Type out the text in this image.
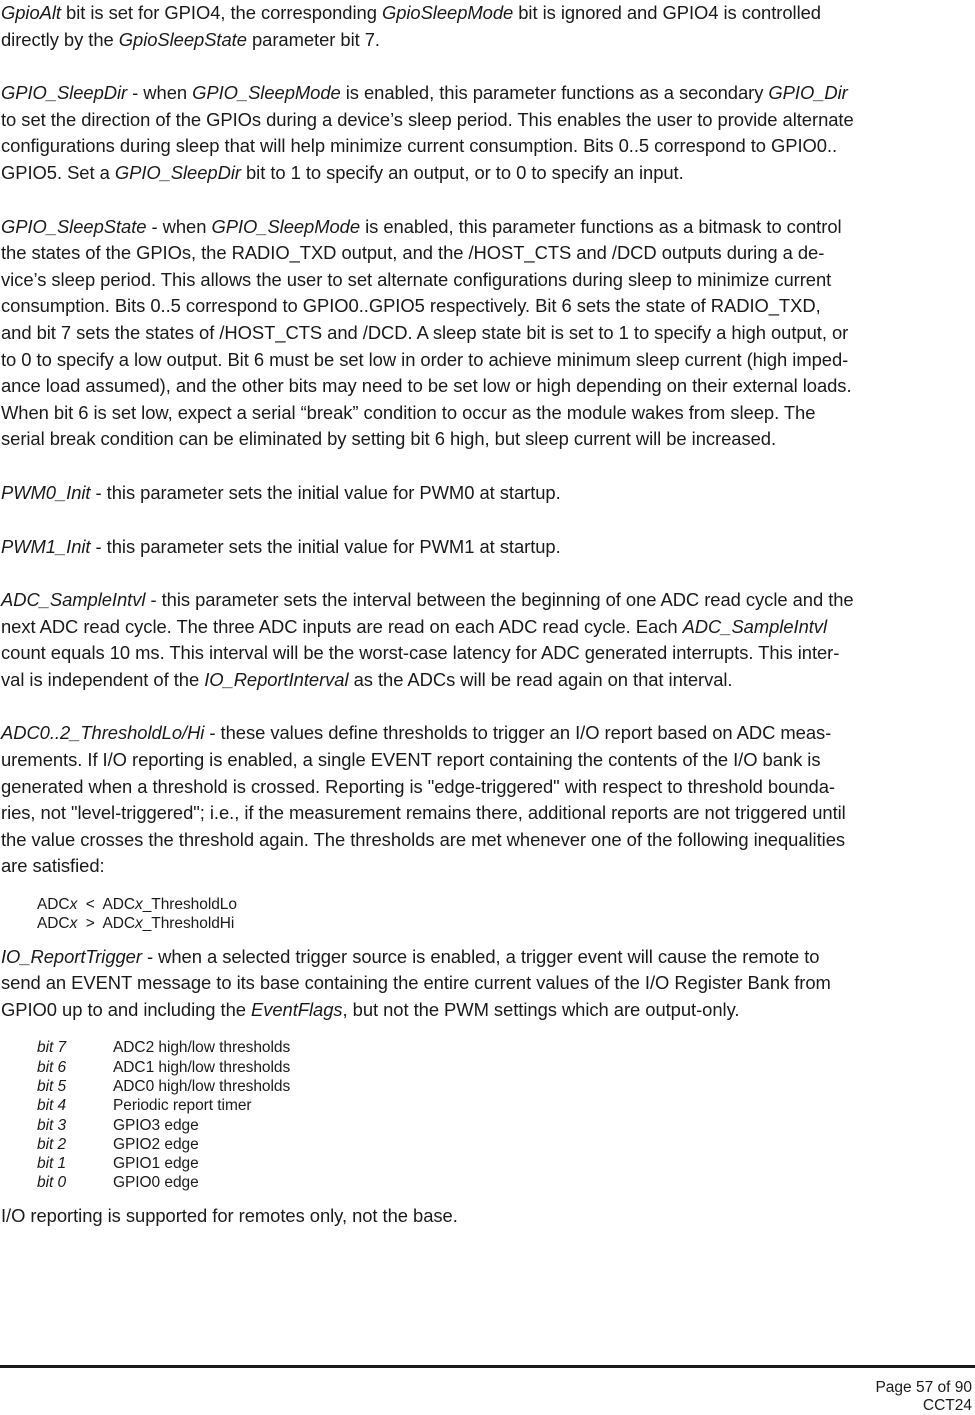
GpioAlt bit is set for GPIO4, the corresponding GpioSleepMode bit is ignored and GPIO4 is controlled
directly by the GpioSleepState parameter bit 7.
GPIO_SleepDir - when GPIO_SleepMode is enabled, this parameter functions as a secondary GPIO_Dir
to set the direction of the GPIOs during a device’s sleep period. This enables the user to provide alternate
configurations during sleep that will help minimize current consumption. Bits 0..5 correspond to GPIO0..
GPIO5. Set a GPIO_SleepDir bit to 1 to specify an output, or to 0 to specify an input.
GPIO_SleepState - when GPIO_SleepMode is enabled, this parameter functions as a bitmask to control
the states of the GPIOs, the RADIO_TXD output, and the /HOST_CTS and /DCD outputs during a de-
vice’s sleep period. This allows the user to set alternate configurations during sleep to minimize current
consumption. Bits 0..5 correspond to GPIO0..GPIO5 respectively. Bit 6 sets the state of RADIO_TXD,
and bit 7 sets the states of /HOST_CTS and /DCD. A sleep state bit is set to 1 to specify a high output, or
to 0 to specify a low output. Bit 6 must be set low in order to achieve minimum sleep current (high imped-
ance load assumed), and the other bits may need to be set low or high depending on their external loads.
When bit 6 is set low, expect a serial “break” condition to occur as the module wakes from sleep. The
serial break condition can be eliminated by setting bit 6 high, but sleep current will be increased.
PWM0_Init - this parameter sets the initial value for PWM0 at startup.
PWM1_Init - this parameter sets the initial value for PWM1 at startup.
ADC_SampleIntvl - this parameter sets the interval between the beginning of one ADC read cycle and the
next ADC read cycle. The three ADC inputs are read on each ADC read cycle. Each ADC_SampleIntvl
count equals 10 ms. This interval will be the worst-case latency for ADC generated interrupts. This inter-
val is independent of the IO_ReportInterval as the ADCs will be read again on that interval.
ADC0..2_ThresholdLo/Hi - these values define thresholds to trigger an I/O report based on ADC meas-
urements. If I/O reporting is enabled, a single EVENT report containing the contents of the I/O bank is
generated when a threshold is crossed. Reporting is "edge-triggered" with respect to threshold bounda-
ries, not "level-triggered"; i.e., if the measurement remains there, additional reports are not triggered until
the value crosses the threshold again. The thresholds are met whenever one of the following inequalities
are satisfied:
ADCx  <  ADCx_ThresholdLo
ADCx  >  ADCx_ThresholdHi
IO_ReportTrigger - when a selected trigger source is enabled, a trigger event will cause the remote to
send an EVENT message to its base containing the entire current values of the I/O Register Bank from
GPIO0 up to and including the EventFlags, but not the PWM settings which are output-only.
bit 7	ADC2 high/low thresholds
bit 6	ADC1 high/low thresholds
bit 5	ADC0 high/low thresholds
bit 4	Periodic report timer
bit 3	GPIO3 edge
bit 2	GPIO2 edge
bit 1	GPIO1 edge
bit 0	GPIO0 edge
I/O reporting is supported for remotes only, not the base.
Page 57 of 90
CCT24
